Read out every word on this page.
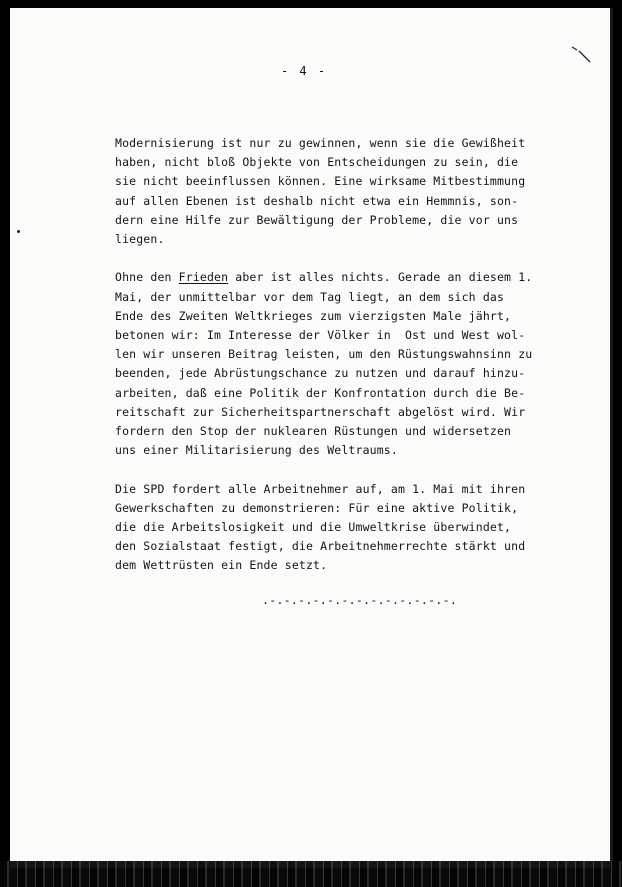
- 4 -

Modernisierung ist nur zu gewinnen, wenn sie die Gewißheit
haben, nicht bloß Objekte von Entscheidungen zu sein, die
sie nicht beeinflussen können. Eine wirksame Mitbestimmung
auf allen Ebenen ist deshalb nicht etwa ein Hemmnis, son-
dern eine Hilfe zur Bewältigung der Probleme, die vor uns
liegen.

Ohne den Frieden aber ist alles nichts. Gerade an diesem 1.
Mai, der unmittelbar vor dem Tag liegt, an dem sich das
Ende des Zweiten Weltkrieges zum vierzigsten Male jährt,
betonen wir: Im Interesse der Völker in  Ost und West wol-
len wir unseren Beitrag leisten, um den Rüstungswahnsinn zu
beenden, jede Abrüstungschance zu nutzen und darauf hinzu-
arbeiten, daß eine Politik der Konfrontation durch die Be-
reitschaft zur Sicherheitspartnerschaft abgelöst wird. Wir
fordern den Stop der nuklearen Rüstungen und widersetzen
uns einer Militarisierung des Weltraums.

Die SPD fordert alle Arbeitnehmer auf, am 1. Mai mit ihren
Gewerkschaften zu demonstrieren: Für eine aktive Politik,
die die Arbeitslosigkeit und die Umweltkrise überwindet,
den Sozialstaat festigt, die Arbeitnehmerrechte stärkt und
dem Wettrüsten ein Ende setzt.

.-.-.-.-.-.-.-.-.-.-.-.-.-.
